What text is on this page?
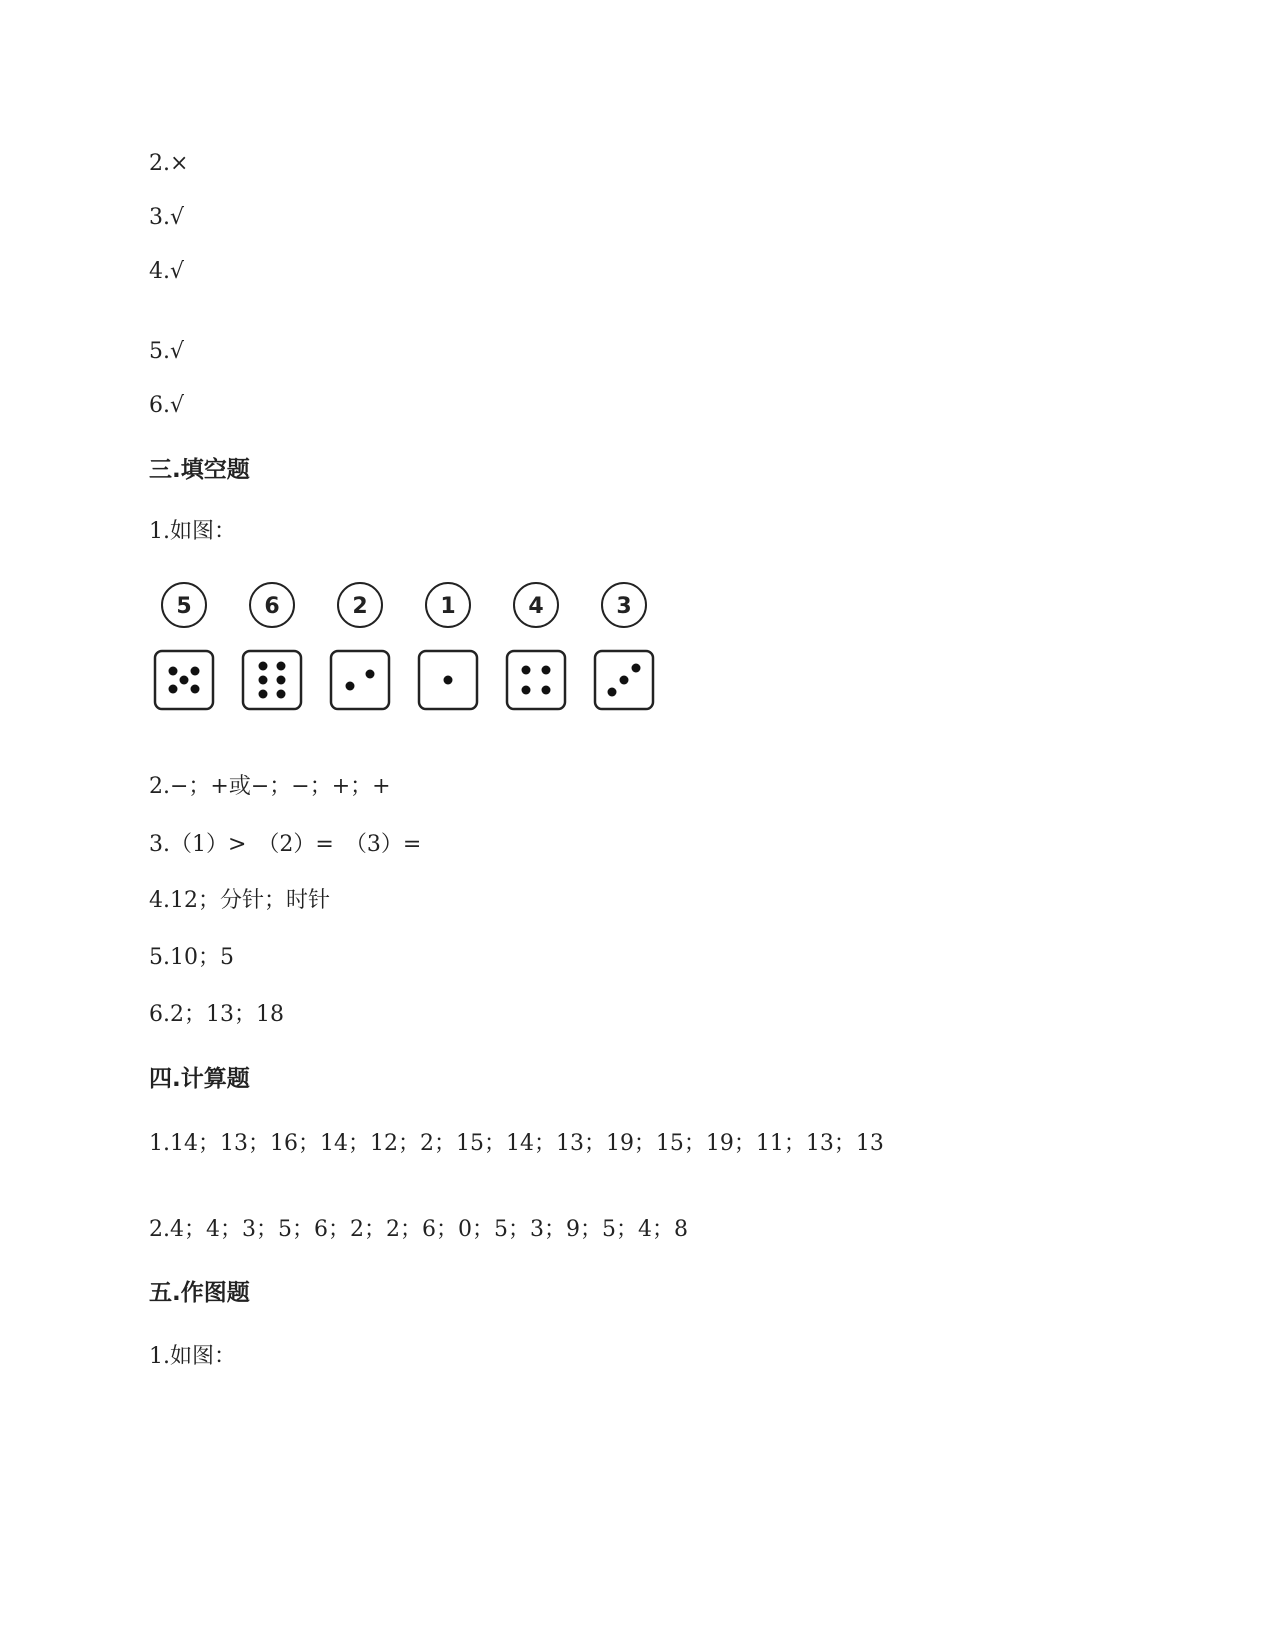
2.×
3.√
4.√
5.√
6.√
三.填空题
1.如图：
5	6	2	1	4	3
2.−；+或−；−；+；+
3.（1）>　（2）=　（3）=
4.12；分针；时针
5.10；5
6.2；13；18
四.计算题
1.14；13；16；14；12；2；15；14；13；19；15；19；11；13；13
2.4；4；3；5；6；2；2；6；0；5；3；9；5；4；8
五.作图题
1.如图：
